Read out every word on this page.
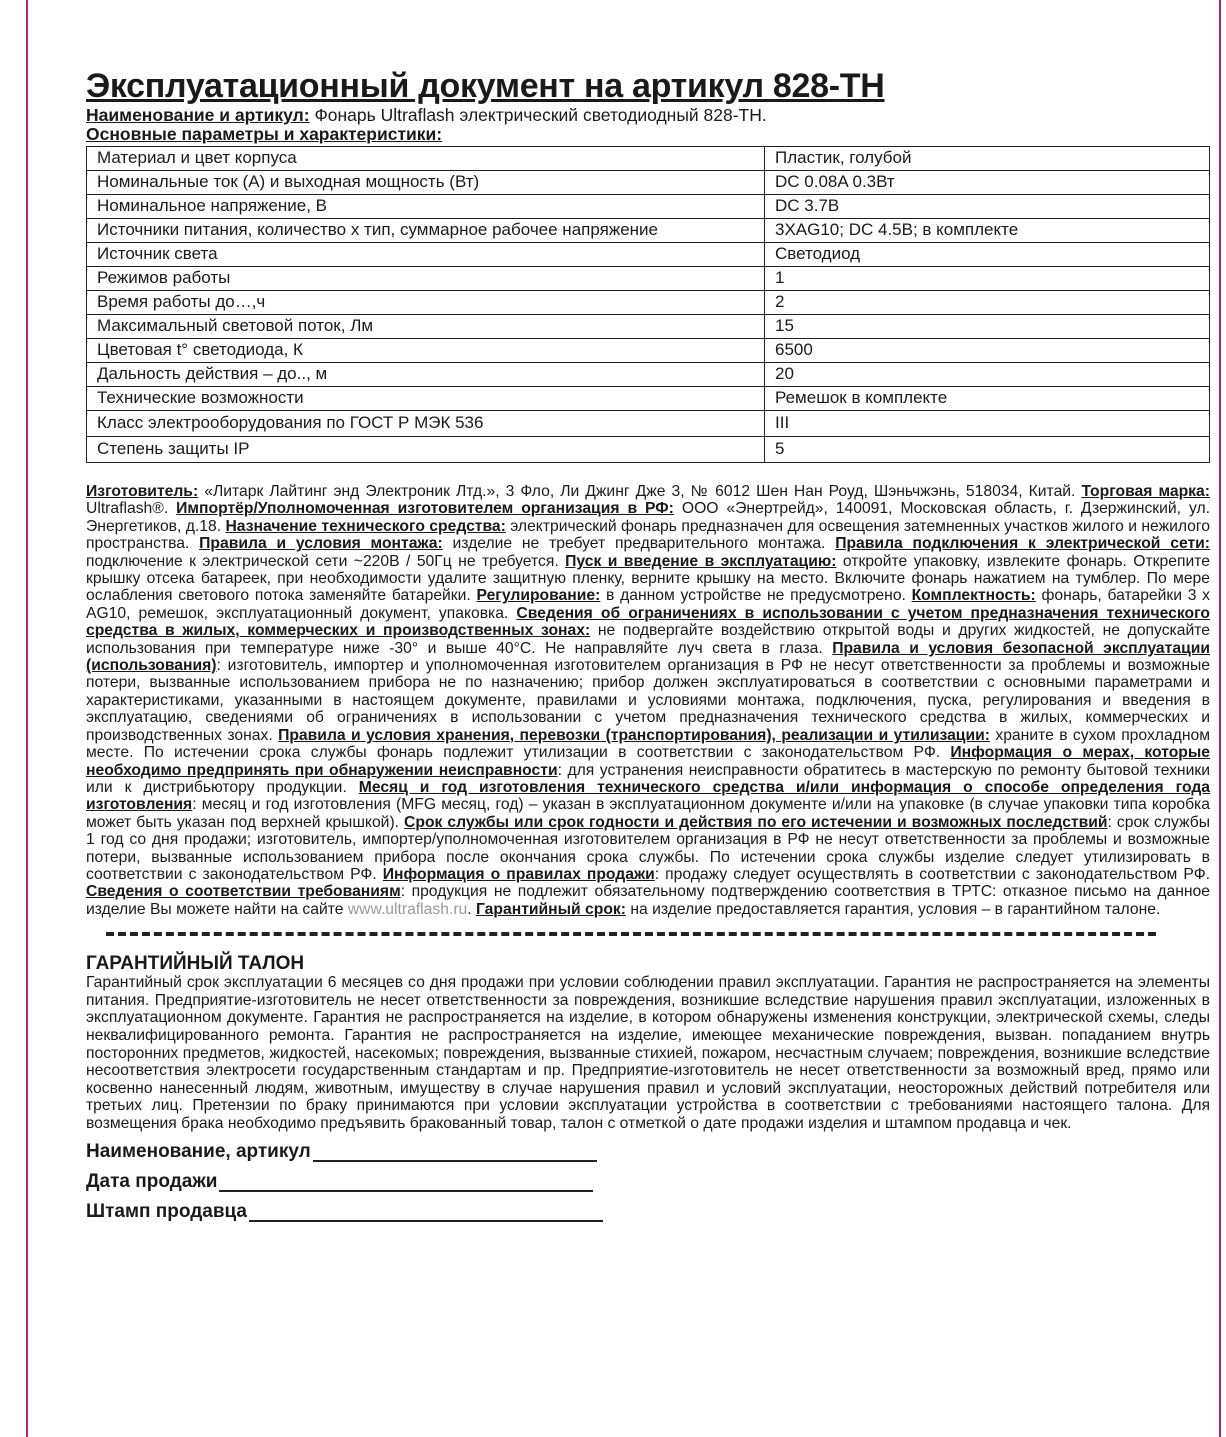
Эксплуатационный документ на артикул 828-ТН
Наименование и артикул: Фонарь Ultraflash электрический светодиодный 828-ТН.
Основные параметры и характеристики:
Материал и цвет корпуса	Пластик, голубой
Номинальные ток (А) и выходная мощность (Вт)	DC 0.08A 0.3Вт
Номинальное напряжение, В	DC 3.7В
Источники питания, количество х тип, суммарное рабочее напряжение	3XAG10; DC 4.5В; в комплекте
Источник света	Светодиод
Режимов работы	1
Время работы до…,ч	2
Максимальный световой поток, Лм	15
Цветовая t° светодиода, К	6500
Дальность действия – до.., м	20
Технические возможности	Ремешок в комплекте
Класс электрооборудования по ГОСТ Р МЭК 536	III
Степень защиты IP	5
Изготовитель: «Литарк Лайтинг энд Электроник Лтд.», 3 Фло, Ли Джинг Дже 3, № 6012 Шен Нан Роуд, Шэньчжэнь, 518034, Китай. Торговая марка: Ultraflash®. Импортёр/Уполномоченная изготовителем организация в РФ: ООО «Энертрейд», 140091, Московская область, г. Дзержинский, ул. Энергетиков, д.18. Назначение технического средства: электрический фонарь предназначен для освещения затемненных участков жилого и нежилого пространства. Правила и условия монтажа: изделие не требует предварительного монтажа. Правила подключения к электрической сети: подключение к электрической сети ~220В / 50Гц не требуется. Пуск и введение в эксплуатацию: откройте упаковку, извлеките фонарь. Открепите крышку отсека батареек, при необходимости удалите защитную пленку, верните крышку на место. Включите фонарь нажатием на тумблер. По мере ослабления светового потока заменяйте батарейки. Регулирование: в данном устройстве не предусмотрено. Комплектность: фонарь, батарейки 3 х AG10, ремешок, эксплуатационный документ, упаковка. Сведения об ограничениях в использовании с учетом предназначения технического средства в жилых, коммерческих и производственных зонах: не подвергайте воздействию открытой воды и других жидкостей, не допускайте использования при температуре ниже -30° и выше 40°С. Не направляйте луч света в глаза. Правила и условия безопасной эксплуатации (использования): изготовитель, импортер и уполномоченная изготовителем организация в РФ не несут ответственности за проблемы и возможные потери, вызванные использованием прибора не по назначению; прибор должен эксплуатироваться в соответствии с основными параметрами и характеристиками, указанными в настоящем документе, правилами и условиями монтажа, подключения, пуска, регулирования и введения в эксплуатацию, сведениями об ограничениях в использовании с учетом предназначения технического средства в жилых, коммерческих и производственных зонах. Правила и условия хранения, перевозки (транспортирования), реализации и утилизации: храните в сухом прохладном месте. По истечении срока службы фонарь подлежит утилизации в соответствии с законодательством РФ. Информация о мерах, которые необходимо предпринять при обнаружении неисправности: для устранения неисправности обратитесь в мастерскую по ремонту бытовой техники или к дистрибьютору продукции. Месяц и год изготовления технического средства и/или информация о способе определения года изготовления: месяц и год изготовления (MFG месяц, год) – указан в эксплуатационном документе и/или на упаковке (в случае упаковки типа коробка может быть указан под верхней крышкой). Срок службы или срок годности и действия по его истечении и возможных последствий: срок службы 1 год со дня продажи; изготовитель, импортер/уполномоченная изготовителем организация в РФ не несут ответственности за проблемы и возможные потери, вызванные использованием прибора после окончания срока службы. По истечении срока службы изделие следует утилизировать в соответствии с законодательством РФ. Информация о правилах продажи: продажу следует осуществлять в соответствии с законодательством РФ. Сведения о соответствии требованиям: продукция не подлежит обязательному подтверждению соответствия в ТРТС: отказное письмо на данное изделие Вы можете найти на сайте www.ultraflash.ru. Гарантийный срок: на изделие предоставляется гарантия, условия – в гарантийном талоне.
ГАРАНТИЙНЫЙ ТАЛОН
Гарантийный срок эксплуатации 6 месяцев со дня продажи при условии соблюдении правил эксплуатации. Гарантия не распространяется на элементы питания. Предприятие-изготовитель не несет ответственности за повреждения, возникшие вследствие нарушения правил эксплуатации, изложенных в эксплуатационном документе. Гарантия не распространяется на изделие, в котором обнаружены изменения конструкции, электрической схемы, следы неквалифицированного ремонта. Гарантия не распространяется на изделие, имеющее механические повреждения, вызван. попаданием внутрь посторонних предметов, жидкостей, насекомых; повреждения, вызванные стихией, пожаром, несчастным случаем; повреждения, возникшие вследствие несоответствия электросети государственным стандартам и пр. Предприятие-изготовитель не несет ответственности за возможный вред, прямо или косвенно нанесенный людям, животным, имуществу в случае нарушения правил и условий эксплуатации, неосторожных действий потребителя или третьих лиц. Претензии по браку принимаются при условии эксплуатации устройства в соответствии с требованиями настоящего талона. Для возмещения брака необходимо предъявить бракованный товар, талон с отметкой о дате продажи изделия и штампом продавца и чек.
Наименование, артикул
Дата продажи
Штамп продавца
